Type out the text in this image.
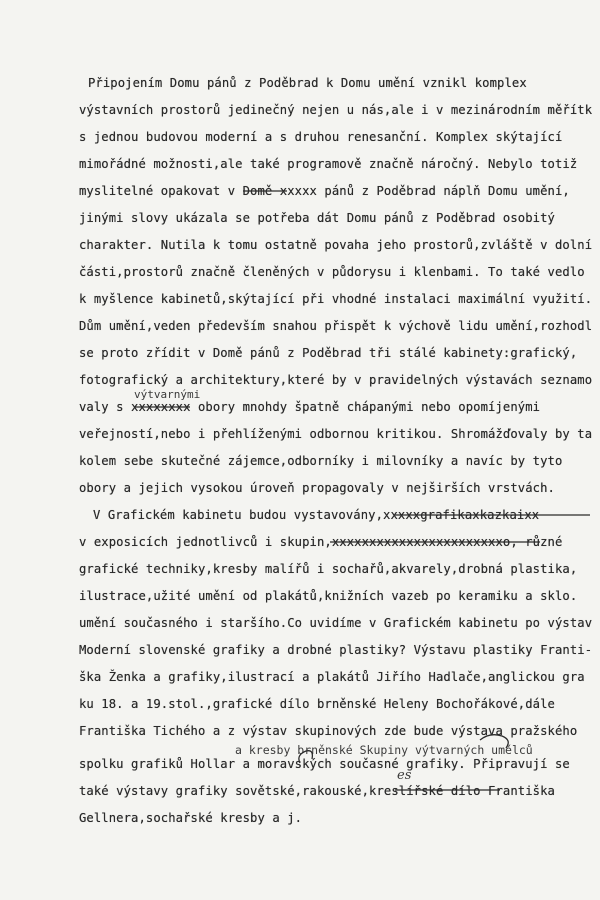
Připojením Domu pánů z Poděbrad k Domu umění vznikl komplex

výstavních prostorů jedinečný nejen u nás,ale i v mezinárodním měřítk

s jednou budovou moderní a s druhou renesanční. Komplex skýtající

mimořádné možnosti,ale také programově značně náročný. Nebylo totiž

myslitelné opakovat v Domě xxxxx pánů z Poděbrad náplň Domu umění,

jinými slovy ukázala se potřeba dát Domu pánů z Poděbrad osobitý

charakter. Nutila k tomu ostatně povaha jeho prostorů,zvláště v dolní

části,prostorů značně členěných v půdorysu i klenbami. To také vedlo

k myšlence kabinetů,skýtající při vhodné instalaci maximální využití.

Dům umění,veden především snahou přispět k výchově lidu umění,rozhodl

se proto zřídit v Domě pánů z Poděbrad tři stálé kabinety:grafický,

fotografický a architektury,které by v pravidelných výstavách seznamo

valy s xxxxxxxx obory mnohdy špatně chápanými nebo opomíjenými

veřejností,nebo i přehlíženými odbornou kritikou. Shromážďovaly by ta

kolem sebe skutečné zájemce,odborníky i milovníky a navíc by tyto

obory a jejich vysokou úroveň propagovaly v nejširších vrstvách.

V Grafickém kabinetu budou vystavovány,xxxxxgrafikaxkazkaixx

v exposicích jednotlivců i skupin,xxxxxxxxxxxxxxxxxxxxxxxo, různé

grafické techniky,kresby malířů i sochařů,akvarely,drobná plastika,

ilustrace,užité umění od plakátů,knižních vazeb po keramiku a sklo.

umění současného i staršího.Co uvidíme v Grafickém kabinetu po výstav

Moderní slovenské grafiky a drobné plastiky? Výstavu plastiky Franti-

ška Ženka a grafiky,ilustrací a plakátů Jiřího Hadlače,anglickou gra

ku 18. a 19.stol.,grafické dílo brněnské Heleny Bochořákové,dále

Františka Tichého a z výstav skupinových zde bude výstava pražského

spolku grafiků Hollar a moravských současné grafiky. Připravují se

také výstavy grafiky sovětské,rakouské,kreslířské dílo Františka

Gellnera,sochařské kresby a j.

výtvarnými
a kresby brněnské Skupiny výtvarných umělců
es
